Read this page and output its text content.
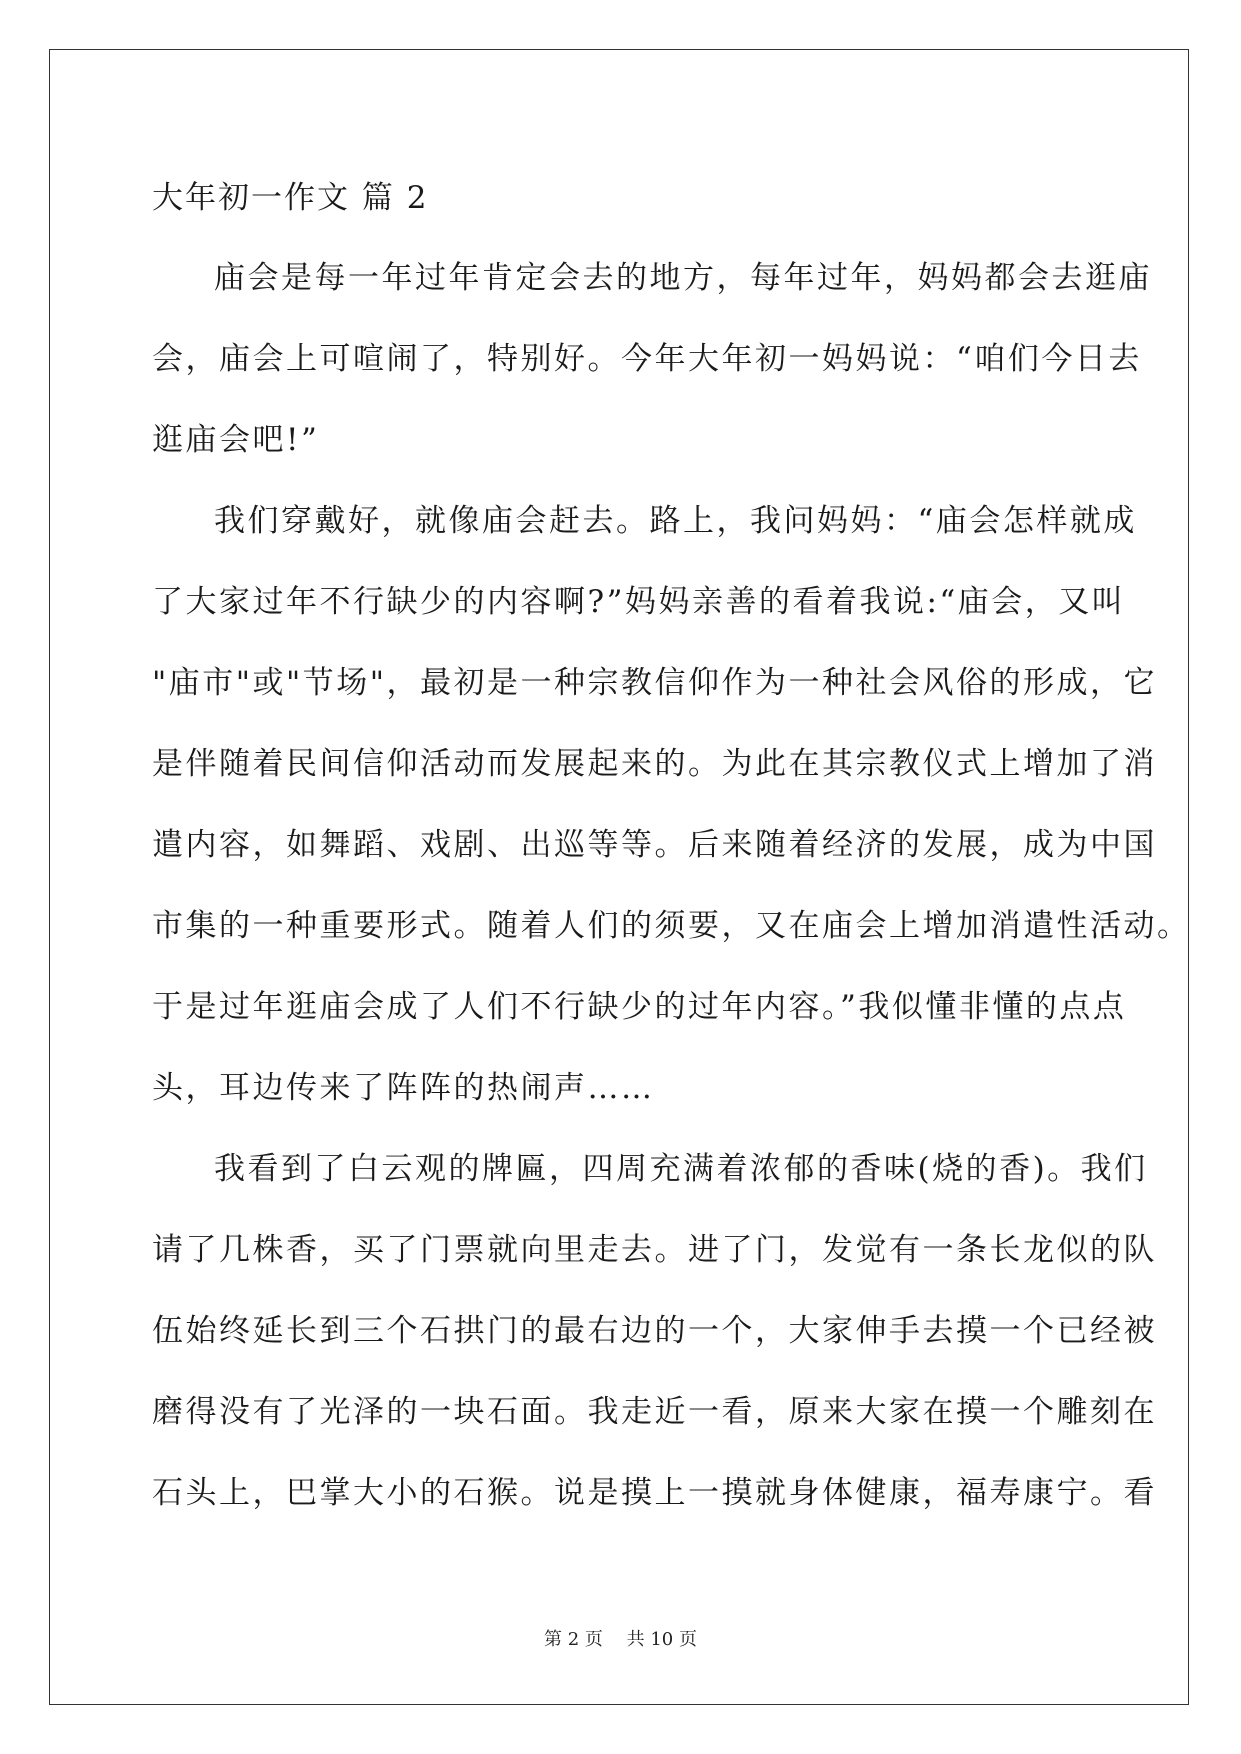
大年初一作文 篇 2
庙会是每一年过年肯定会去的地方，每年过年，妈妈都会去逛庙
会，庙会上可喧闹了，特别好。今年大年初一妈妈说：“咱们今日去
逛庙会吧!”
我们穿戴好，就像庙会赶去。路上，我问妈妈：“庙会怎样就成
了大家过年不行缺少的内容啊?”妈妈亲善的看着我说:“庙会，又叫
"庙市"或"节场"，最初是一种宗教信仰作为一种社会风俗的形成，它
是伴随着民间信仰活动而发展起来的。为此在其宗教仪式上增加了消
遣内容，如舞蹈、戏剧、出巡等等。后来随着经济的发展，成为中国
市集的一种重要形式。随着人们的须要，又在庙会上增加消遣性活动。
于是过年逛庙会成了人们不行缺少的过年内容。”我似懂非懂的点点
头，耳边传来了阵阵的热闹声……
我看到了白云观的牌匾，四周充满着浓郁的香味(烧的香)。我们
请了几株香，买了门票就向里走去。进了门，发觉有一条长龙似的队
伍始终延长到三个石拱门的最右边的一个，大家伸手去摸一个已经被
磨得没有了光泽的一块石面。我走近一看，原来大家在摸一个雕刻在
石头上，巴掌大小的石猴。说是摸上一摸就身体健康，福寿康宁。看
第 2 页　 共 10 页
